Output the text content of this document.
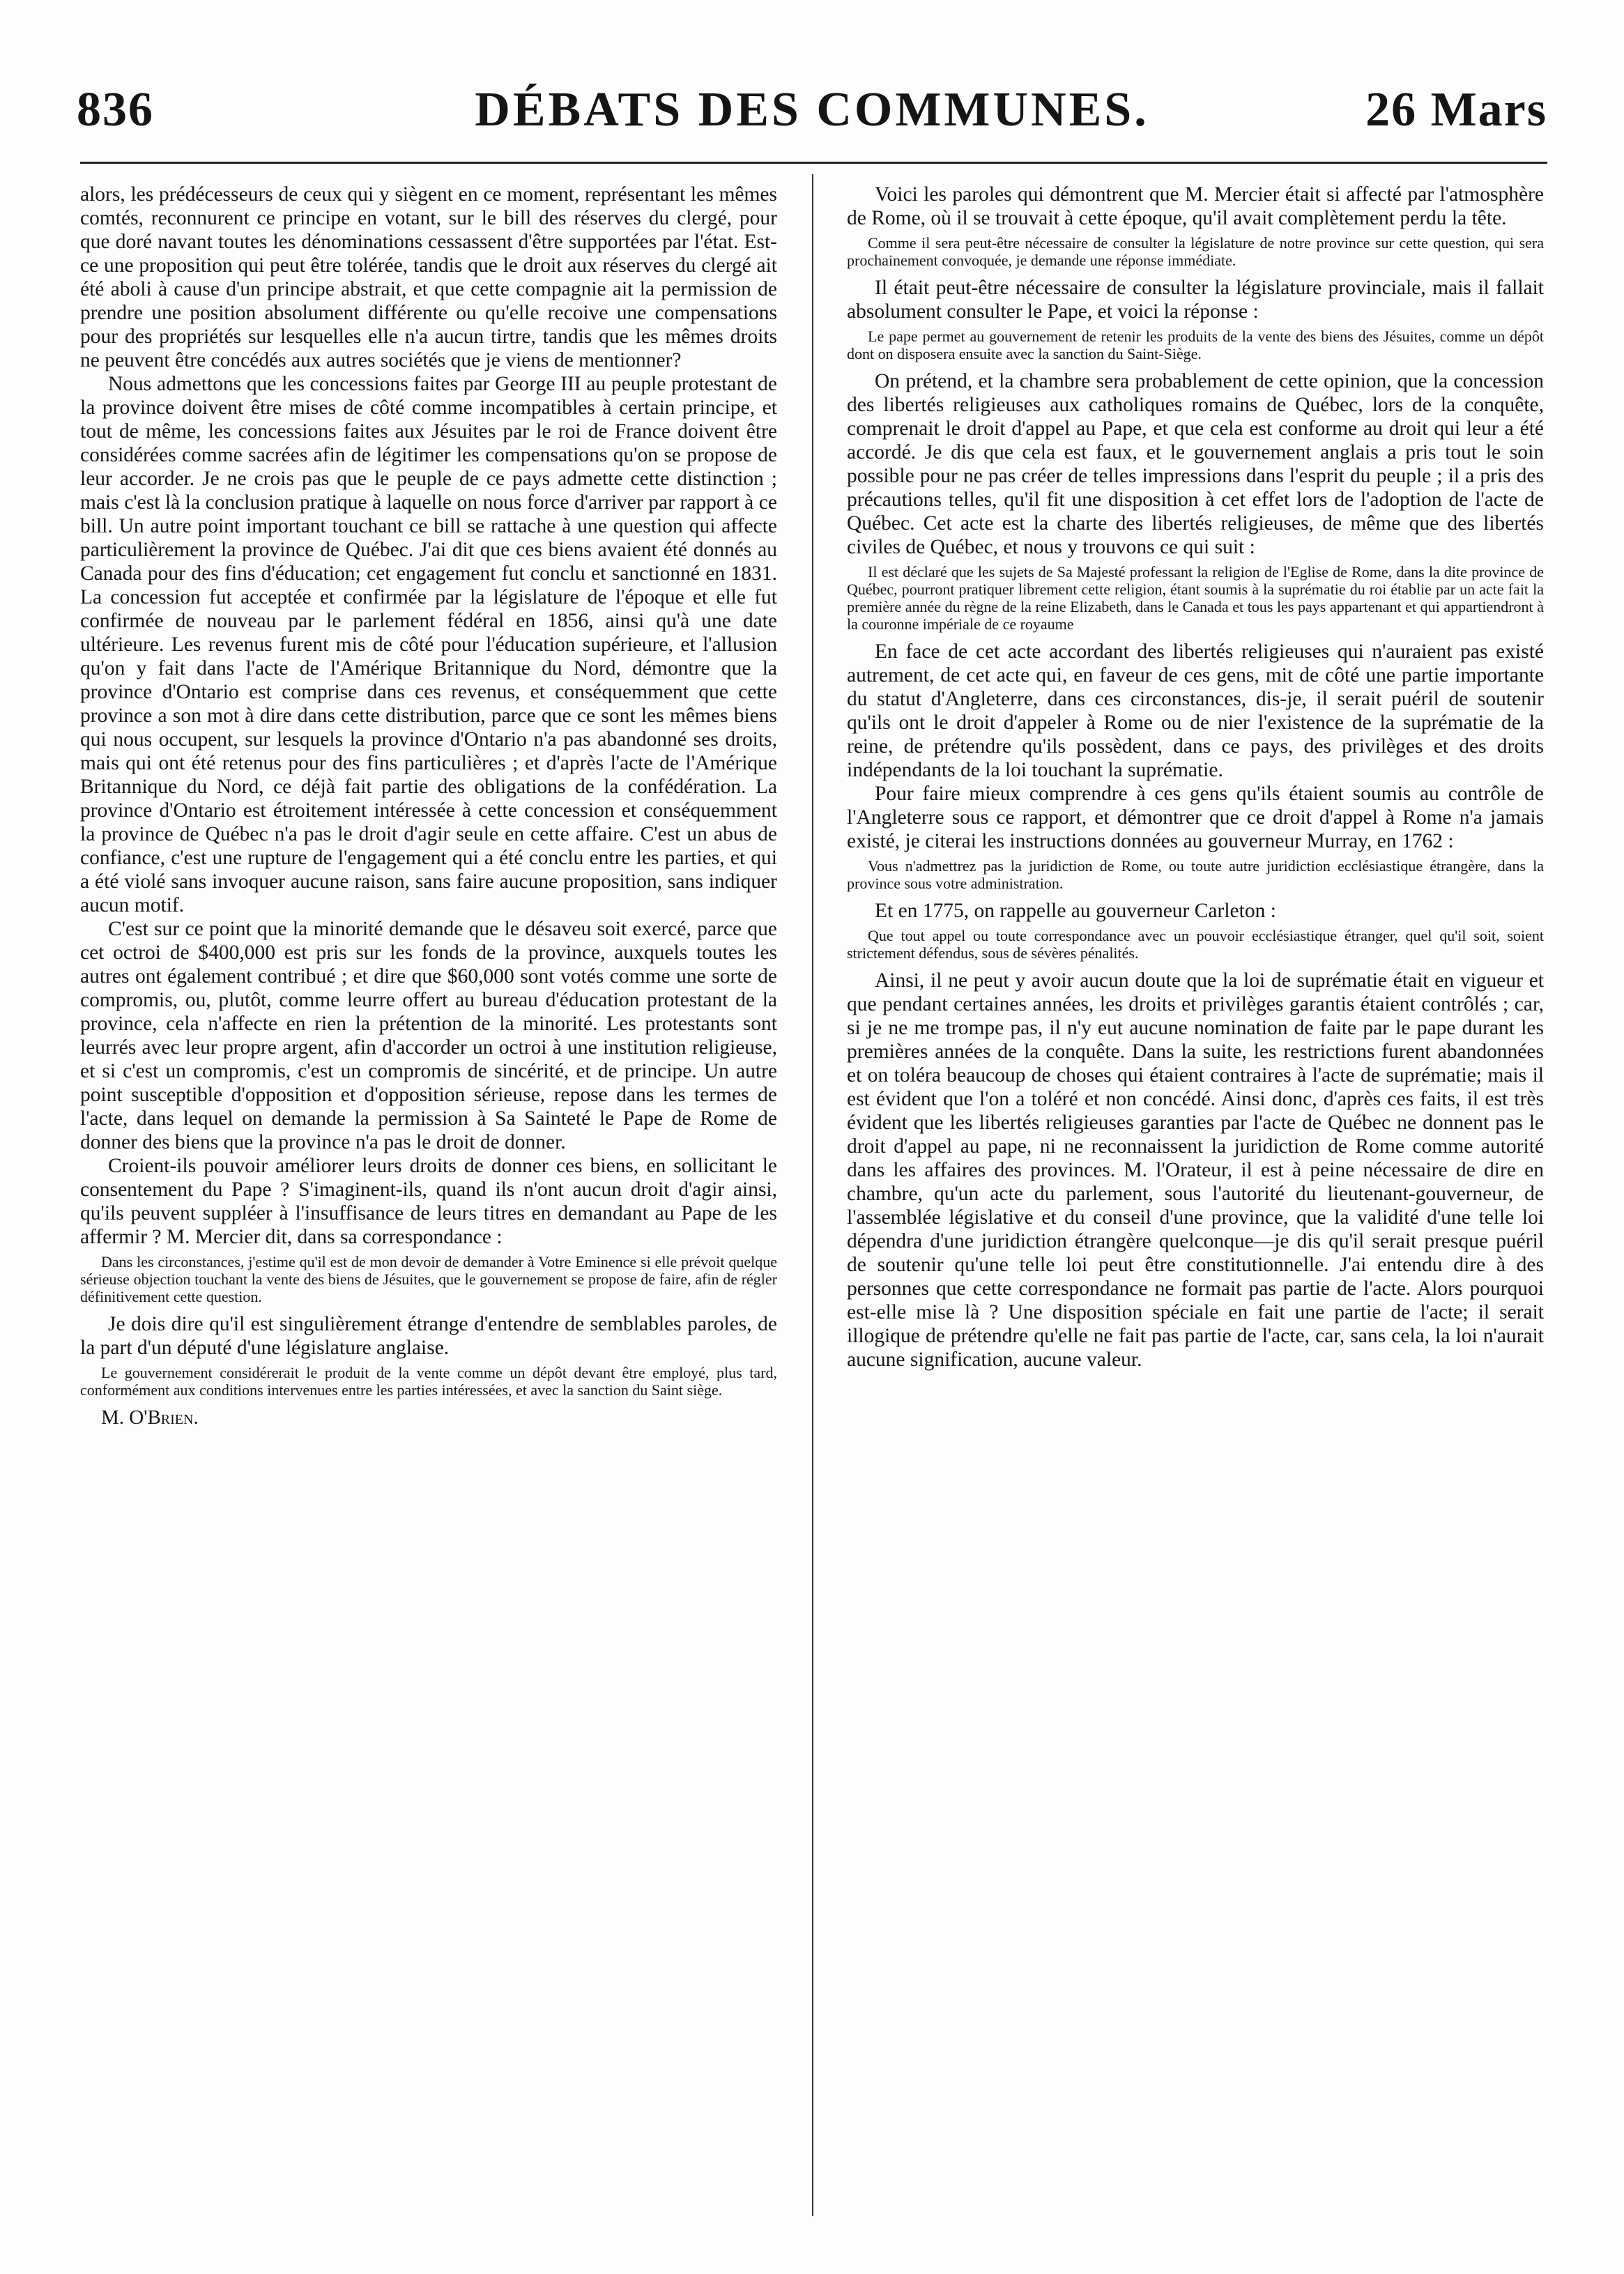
836	DÉBATS DES COMMUNES.	26 Mars

alors, les prédécesseurs de ceux qui y siègent en ce moment, représentant les mêmes comtés, reconnurent ce principe en votant, sur le bill des réserves du clergé, pour que doré navant toutes les dénominations cessassent d'être supportées par l'état. Est-ce une proposition qui peut être tolérée, tandis que le droit aux réserves du clergé ait été aboli à cause d'un principe abstrait, et que cette compagnie ait la permission de prendre une position absolument différente ou qu'elle recoive une compensations pour des propriétés sur lesquelles elle n'a aucun tirtre, tandis que les mêmes droits ne peuvent être concédés aux autres sociétés que je viens de mentionner?

Nous admettons que les concessions faites par George III au peuple protestant de la province doivent être mises de côté comme incompatibles à certain principe, et tout de même, les concessions faites aux Jésuites par le roi de France doivent être considérées comme sacrées afin de légitimer les compensations qu'on se propose de leur accorder. Je ne crois pas que le peuple de ce pays admette cette distinction ; mais c'est là la conclusion pratique à laquelle on nous force d'arriver par rapport à ce bill. Un autre point important touchant ce bill se rattache à une question qui affecte particulièrement la province de Québec. J'ai dit que ces biens avaient été donnés au Canada pour des fins d'éducation; cet engagement fut conclu et sanctionné en 1831. La concession fut acceptée et confirmée par la législature de l'époque et elle fut confirmée de nouveau par le parlement fédéral en 1856, ainsi qu'à une date ultérieure. Les revenus furent mis de côté pour l'éducation supérieure, et l'allusion qu'on y fait dans l'acte de l'Amérique Britannique du Nord, démontre que la province d'Ontario est comprise dans ces revenus, et conséquemment que cette province a son mot à dire dans cette distribution, parce que ce sont les mêmes biens qui nous occupent, sur lesquels la province d'Ontario n'a pas abandonné ses droits, mais qui ont été retenus pour des fins particulières ; et d'après l'acte de l'Amérique Britannique du Nord, ce déjà fait partie des obligations de la confédération. La province d'Ontario est étroitement intéressée à cette concession et conséquemment la province de Québec n'a pas le droit d'agir seule en cette affaire. C'est un abus de confiance, c'est une rupture de l'engagement qui a été conclu entre les parties, et qui a été violé sans invoquer aucune raison, sans faire aucune proposition, sans indiquer aucun motif.

C'est sur ce point que la minorité demande que le désaveu soit exercé, parce que cet octroi de $400,000 est pris sur les fonds de la province, auxquels toutes les autres ont également contribué ; et dire que $60,000 sont votés comme une sorte de compromis, ou, plutôt, comme leurre offert au bureau d'éducation protestant de la province, cela n'affecte en rien la prétention de la minorité. Les protestants sont leurrés avec leur propre argent, afin d'accorder un octroi à une institution religieuse, et si c'est un compromis, c'est un compromis de sincérité, et de principe. Un autre point susceptible d'opposition et d'opposition sérieuse, repose dans les termes de l'acte, dans lequel on demande la permission à Sa Sainteté le Pape de Rome de donner des biens que la province n'a pas le droit de donner.

Croient-ils pouvoir améliorer leurs droits de donner ces biens, en sollicitant le consentement du Pape ? S'imaginent-ils, quand ils n'ont aucun droit d'agir ainsi, qu'ils peuvent suppléer à l'insuffisance de leurs titres en demandant au Pape de les affermir ? M. Mercier dit, dans sa correspondance :

Dans les circonstances, j'estime qu'il est de mon devoir de demander à Votre Eminence si elle prévoit quelque sérieuse objection touchant la vente des biens de Jésuites, que le gouvernement se propose de faire, afin de régler définitivement cette question.

Je dois dire qu'il est singulièrement étrange d'entendre de semblables paroles, de la part d'un député d'une législature anglaise.

Le gouvernement considérerait le produit de la vente comme un dépôt devant être employé, plus tard, conformément aux conditions intervenues entre les parties intéressées, et avec la sanction du Saint siège.

M. O'Brien.

Voici les paroles qui démontrent que M. Mercier était si affecté par l'atmosphère de Rome, où il se trouvait à cette époque, qu'il avait complètement perdu la tête.

Comme il sera peut-être nécessaire de consulter la législature de notre province sur cette question, qui sera prochainement convoquée, je demande une réponse immédiate.

Il était peut-être nécessaire de consulter la législature provinciale, mais il fallait absolument consulter le Pape, et voici la réponse :

Le pape permet au gouvernement de retenir les produits de la vente des biens des Jésuites, comme un dépôt dont on disposera ensuite avec la sanction du Saint-Siège.

On prétend, et la chambre sera probablement de cette opinion, que la concession des libertés religieuses aux catholiques romains de Québec, lors de la conquête, comprenait le droit d'appel au Pape, et que cela est conforme au droit qui leur a été accordé. Je dis que cela est faux, et le gouvernement anglais a pris tout le soin possible pour ne pas créer de telles impressions dans l'esprit du peuple ; il a pris des précautions telles, qu'il fit une disposition à cet effet lors de l'adoption de l'acte de Québec. Cet acte est la charte des libertés religieuses, de même que des libertés civiles de Québec, et nous y trouvons ce qui suit :

Il est déclaré que les sujets de Sa Majesté professant la religion de l'Eglise de Rome, dans la dite province de Québec, pourront pratiquer librement cette religion, étant soumis à la suprématie du roi établie par un acte fait la première année du règne de la reine Elizabeth, dans le Canada et tous les pays appartenant et qui appartiendront à la couronne impériale de ce royaume

En face de cet acte accordant des libertés religieuses qui n'auraient pas existé autrement, de cet acte qui, en faveur de ces gens, mit de côté une partie importante du statut d'Angleterre, dans ces circonstances, dis-je, il serait puéril de soutenir qu'ils ont le droit d'appeler à Rome ou de nier l'existence de la suprématie de la reine, de prétendre qu'ils possèdent, dans ce pays, des privilèges et des droits indépendants de la loi touchant la suprématie.

Pour faire mieux comprendre à ces gens qu'ils étaient soumis au contrôle de l'Angleterre sous ce rapport, et démontrer que ce droit d'appel à Rome n'a jamais existé, je citerai les instructions données au gouverneur Murray, en 1762 :

Vous n'admettrez pas la juridiction de Rome, ou toute autre juridiction ecclésiastique étrangère, dans la province sous votre administration.

Et en 1775, on rappelle au gouverneur Carleton :

Que tout appel ou toute correspondance avec un pouvoir ecclésiastique étranger, quel qu'il soit, soient strictement défendus, sous de sévères pénalités.

Ainsi, il ne peut y avoir aucun doute que la loi de suprématie était en vigueur et que pendant certaines années, les droits et privilèges garantis étaient contrôlés ; car, si je ne me trompe pas, il n'y eut aucune nomination de faite par le pape durant les premières années de la conquête. Dans la suite, les restrictions furent abandonnées et on toléra beaucoup de choses qui étaient contraires à l'acte de suprématie; mais il est évident que l'on a toléré et non concédé. Ainsi donc, d'après ces faits, il est très évident que les libertés religieuses garanties par l'acte de Québec ne donnent pas le droit d'appel au pape, ni ne reconnaissent la juridiction de Rome comme autorité dans les affaires des provinces. M. l'Orateur, il est à peine nécessaire de dire en chambre, qu'un acte du parlement, sous l'autorité du lieutenant-gouverneur, de l'assemblée législative et du conseil d'une province, que la validité d'une telle loi dépendra d'une juridiction étrangère quelconque—je dis qu'il serait presque puéril de soutenir qu'une telle loi peut être constitutionnelle. J'ai entendu dire à des personnes que cette correspondance ne formait pas partie de l'acte. Alors pourquoi est-elle mise là ? Une disposition spéciale en fait une partie de l'acte; il serait illogique de prétendre qu'elle ne fait pas partie de l'acte, car, sans cela, la loi n'aurait aucune signification, aucune valeur.
